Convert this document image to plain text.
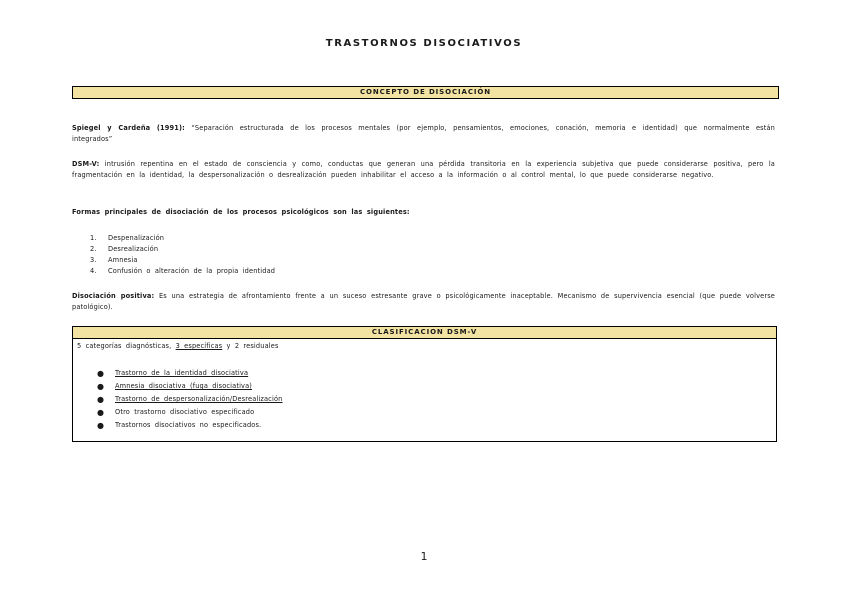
TRASTORNOS DISOCIATIVOS
CONCEPTO DE DISOCIACIÓN
Spiegel y Cardeña (1991): “Separación estructurada de los procesos mentales (por ejemplo, pensamientos, emociones, conación, memoria e identidad) que normalmente están integrados”
DSM-V: intrusión repentina en el estado de consciencia y como, conductas que generan una pérdida transitoria en la experiencia subjetiva que puede considerarse positiva, pero la fragmentación en la identidad, la despersonalización o desrealización pueden inhabilitar el acceso a la información o al control mental, lo que puede considerarse negativo.
Formas principales de disociación de los procesos psicológicos son las siguientes:
1.	Despenalización
2.	Desrealización
3.	Amnesia
4.	Confusión o alteración de la propia identidad
Disociación positiva: Es una estrategia de afrontamiento frente a un suceso estresante grave o psicológicamente inaceptable. Mecanismo de supervivencia esencial (que puede volverse patológico).
CLASIFICACION DSM-V
5 categorías diagnósticas, 3 específicas y 2 residuales
●	Trastorno de la identidad disociativa
●	Amnesia disociativa (fuga disociativa)
●	Trastorno de despersonalización/Desrealización
●	Otro trastorno disociativo especificado
●	Trastornos disociativos no especificados.
1
